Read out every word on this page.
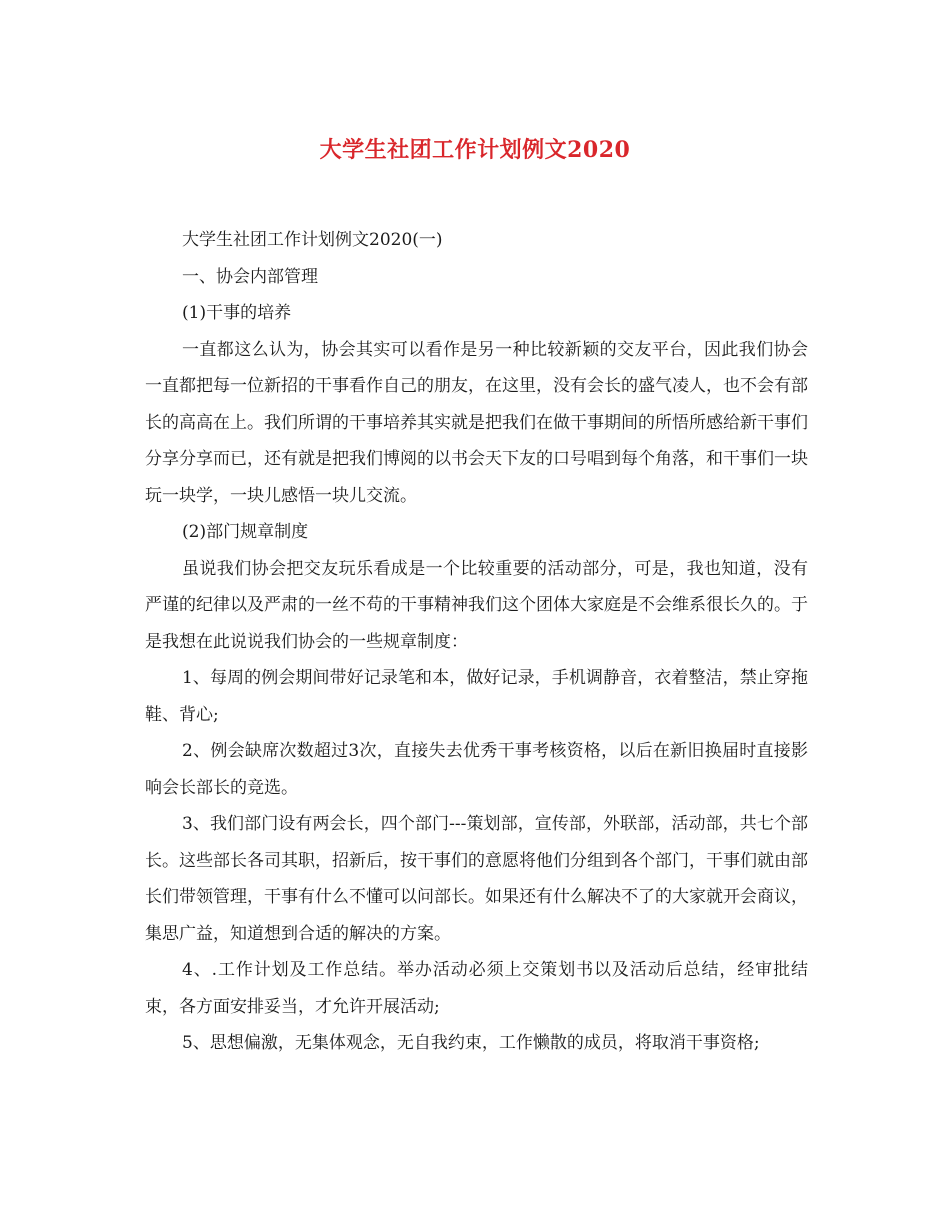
大学生社团工作计划例文2020

大学生社团工作计划例文2020(一)

一、协会内部管理

(1)干事的培养

一直都这么认为，协会其实可以看作是另一种比较新颖的交友平台，因此我们协会一直都把每一位新招的干事看作自己的朋友，在这里，没有会长的盛气凌人，也不会有部长的高高在上。我们所谓的干事培养其实就是把我们在做干事期间的所悟所感给新干事们分享分享而已，还有就是把我们博阅的以书会天下友的口号唱到每个角落，和干事们一块玩一块学，一块儿感悟一块儿交流。

(2)部门规章制度

虽说我们协会把交友玩乐看成是一个比较重要的活动部分，可是，我也知道，没有严谨的纪律以及严肃的一丝不苟的干事精神我们这个团体大家庭是不会维系很长久的。于是我想在此说说我们协会的一些规章制度：

1、每周的例会期间带好记录笔和本，做好记录，手机调静音，衣着整洁，禁止穿拖鞋、背心;

2、例会缺席次数超过3次，直接失去优秀干事考核资格，以后在新旧换届时直接影响会长部长的竞选。

3、我们部门设有两会长，四个部门---策划部，宣传部，外联部，活动部，共七个部长。这些部长各司其职，招新后，按干事们的意愿将他们分组到各个部门，干事们就由部长们带领管理，干事有什么不懂可以问部长。如果还有什么解决不了的大家就开会商议，集思广益，知道想到合适的解决的方案。

4、.工作计划及工作总结。举办活动必须上交策划书以及活动后总结，经审批结束，各方面安排妥当，才允许开展活动;

5、思想偏激，无集体观念，无自我约束，工作懒散的成员，将取消干事资格;
